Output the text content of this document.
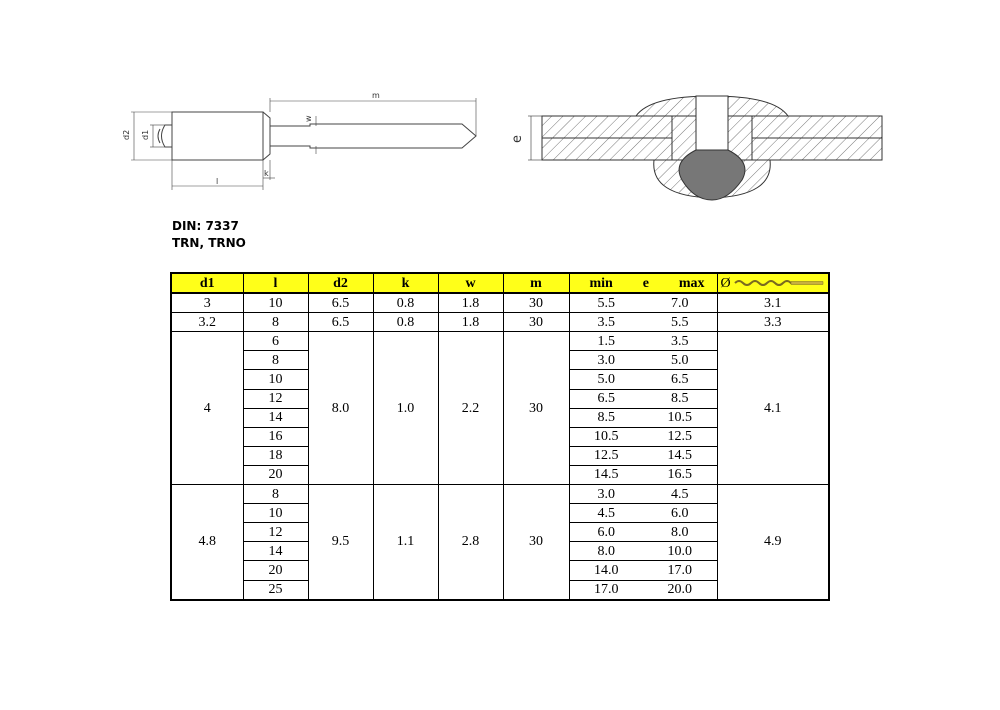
d2 d1
l
k
w
m
e
DIN: 7337
TRN, TRNO
d1	l	d2	k	w	m	min e max		Ø

3	10	6.5	0.8	1.8	30	5.5	7.0	3.1
3.2	8	6.5	0.8	1.8	30	3.5	5.5	3.3
4	6	8.0	1.0	2.2	30	1.5	3.5	4.1
	8					3.0	5.0	
	10					5.0	6.5	
	12					6.5	8.5	
	14					8.5	10.5	
	16					10.5	12.5	
	18					12.5	14.5	
	20					14.5	16.5	
4.8	8	9.5	1.1	2.8	30	3.0	4.5	4.9
	10					4.5	6.0	
	12					6.0	8.0	
	14					8.0	10.0	
	20					14.0	17.0	
	25					17.0	20.0	
